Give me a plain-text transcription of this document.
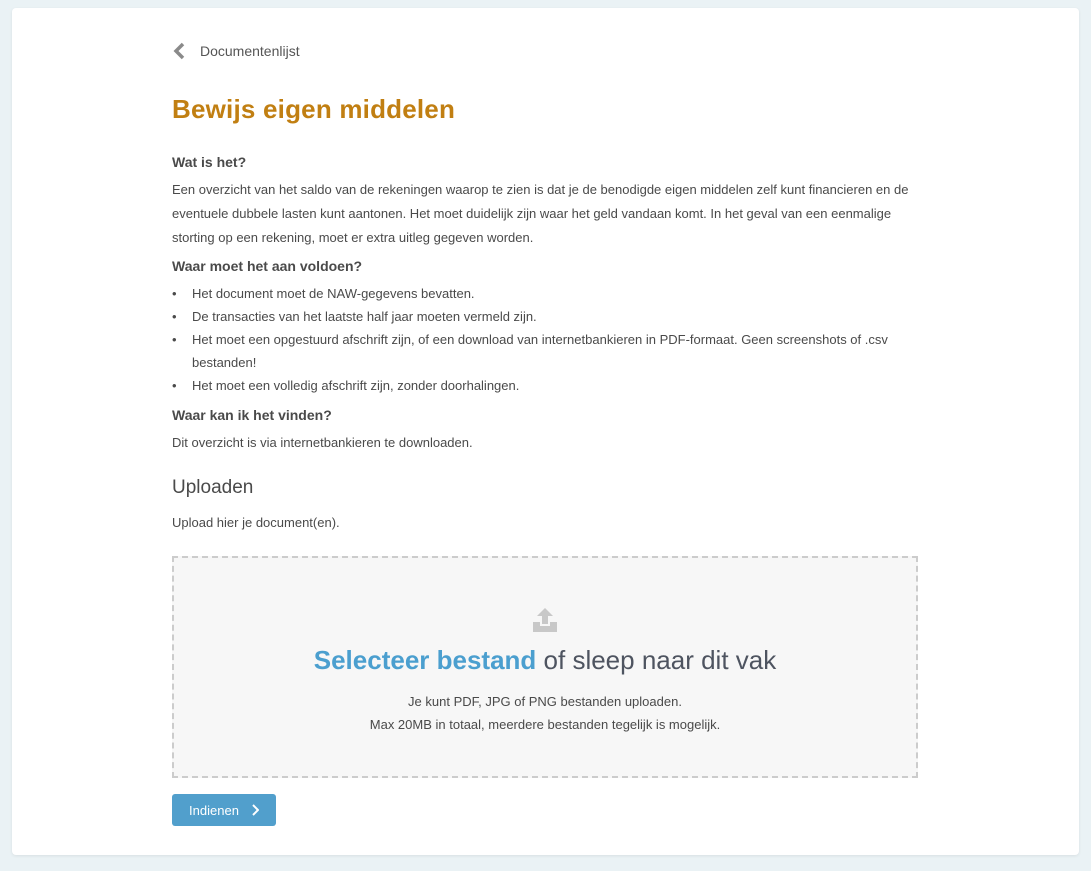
Documentenlijst
Bewijs eigen middelen
Wat is het?

Een overzicht van het saldo van de rekeningen waarop te zien is dat je de benodigde eigen middelen zelf kunt financieren en de eventuele dubbele lasten kunt aantonen. Het moet duidelijk zijn waar het geld vandaan komt. In het geval van een eenmalige storting op een rekening, moet er extra uitleg gegeven worden.

Waar moet het aan voldoen?
• Het document moet de NAW-gegevens bevatten.
• De transacties van het laatste half jaar moeten vermeld zijn.
• Het moet een opgestuurd afschrift zijn, of een download van internetbankieren in PDF-formaat. Geen screenshots of .csv bestanden!
• Het moet een volledig afschrift zijn, zonder doorhalingen.
Waar kan ik het vinden?

Dit overzicht is via internetbankieren te downloaden.

Uploaden

Upload hier je document(en).

Selecteer bestand of sleep naar dit vak
Je kunt PDF, JPG of PNG bestanden uploaden.
Max 20MB in totaal, meerdere bestanden tegelijk is mogelijk.
Indienen
